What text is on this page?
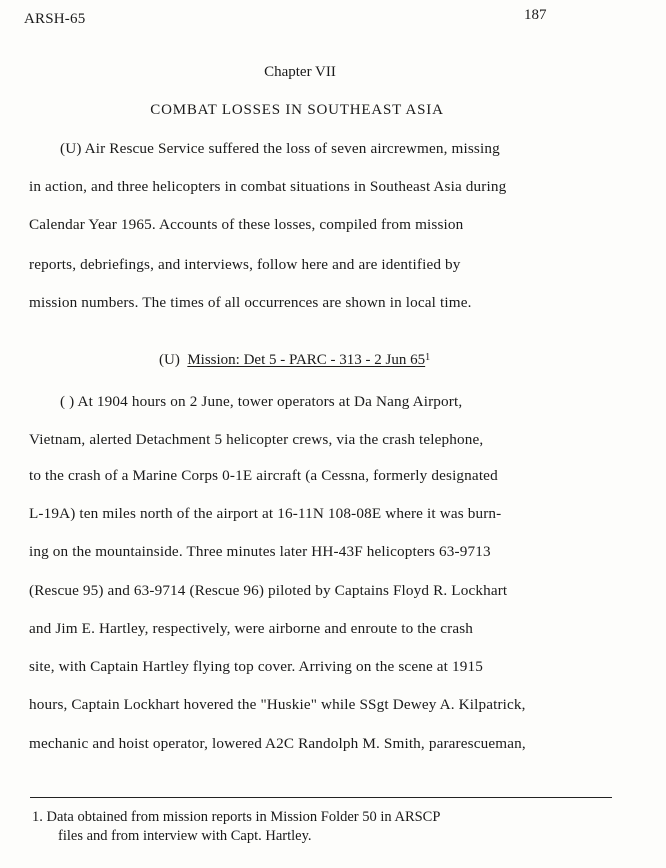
ARSH-65	187
Chapter VII
COMBAT LOSSES IN SOUTHEAST ASIA
(U) Air Rescue Service suffered the loss of seven aircrewmen, missing
in action, and three helicopters in combat situations in Southeast Asia during
Calendar Year 1965. Accounts of these losses, compiled from mission
reports, debriefings, and interviews, follow here and are identified by
mission numbers. The times of all occurrences are shown in local time.
(U)  Mission: Det 5 - PARC - 313 - 2 Jun $65^1$
( ) At 1904 hours on 2 June, tower operators at Da Nang Airport,
Vietnam, alerted Detachment 5 helicopter crews, via the crash telephone,
to the crash of a Marine Corps 0-1E aircraft (a Cessna, formerly designated
L-19A) ten miles north of the airport at 16-11N 108-08E where it was burn-
ing on the mountainside. Three minutes later HH-43F helicopters 63-9713
(Rescue 95) and 63-9714 (Rescue 96) piloted by Captains Floyd R. Lockhart
and Jim E. Hartley, respectively, were airborne and enroute to the crash
site, with Captain Hartley flying top cover. Arriving on the scene at 1915
hours, Captain Lockhart hovered the "Huskie" while SSgt Dewey A. Kilpatrick,
mechanic and hoist operator, lowered A2C Randolph M. Smith, pararescueman,
1. Data obtained from mission reports in Mission Folder 50 in ARSCP
files and from interview with Capt. Hartley.
